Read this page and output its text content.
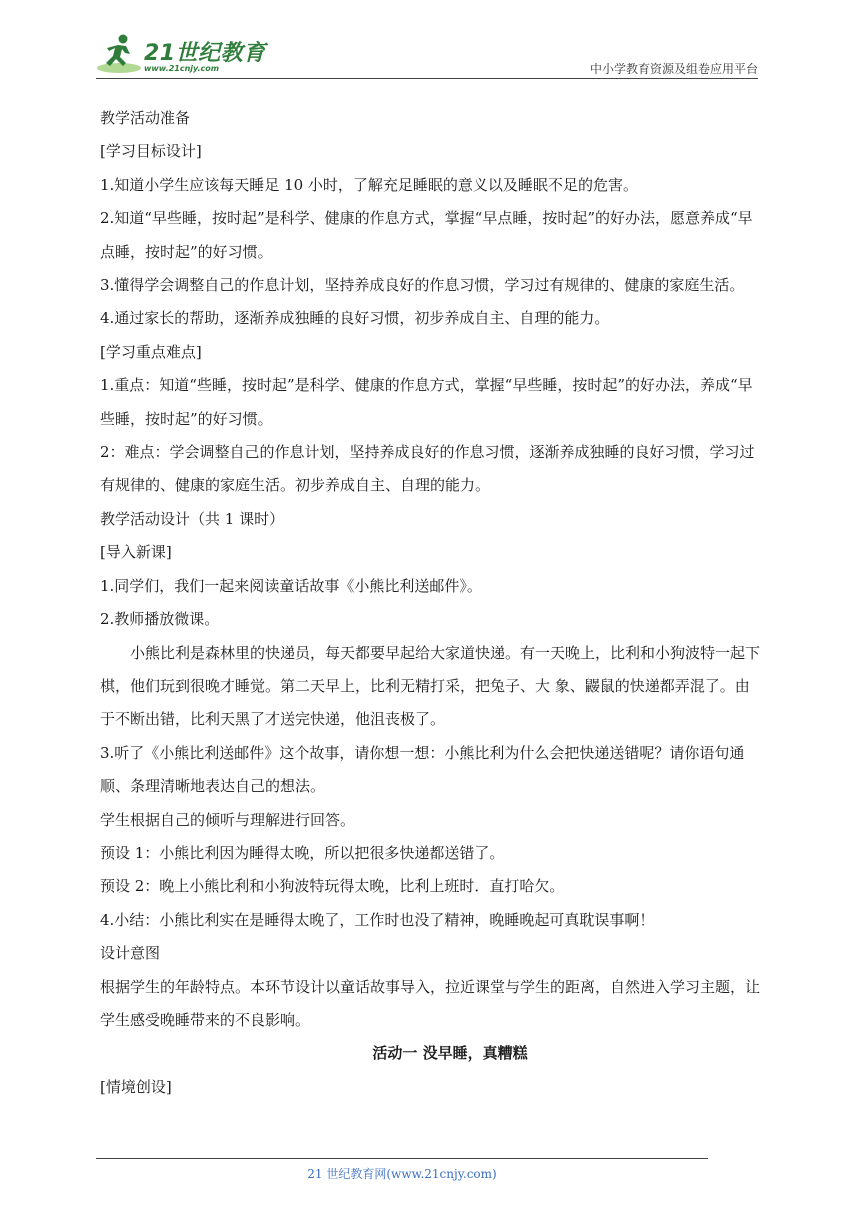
21世纪教育
www.21cnjy.com	中小学教育资源及组卷应用平台

教学活动准备

[学习目标设计]

1.知道小学生应该每天睡足 10 小时，了解充足睡眠的意义以及睡眠不足的危害。

2.知道“早些睡，按时起”是科学、健康的作息方式，掌握“早点睡，按时起”的好办法，愿意养成“早点睡，按时起”的好习惯。

3.懂得学会调整自己的作息计划，坚持养成良好的作息习惯，学习过有规律的、健康的家庭生活。

4.通过家长的帮助，逐渐养成独睡的良好习惯，初步养成自主、自理的能力。

[学习重点难点]

1.重点：知道“些睡，按时起”是科学、健康的作息方式，掌握“早些睡，按时起”的好办法，养成“早些睡，按时起”的好习惯。

2：难点：学会调整自己的作息计划，坚持养成良好的作息习惯，逐渐养成独睡的良好习惯，学习过有规律的、健康的家庭生活。初步养成自主、自理的能力。

教学活动设计（共 1 课时）

[导入新课]

1.同学们，我们一起来阅读童话故事《小熊比利送邮件》。

2.教师播放微课。

小熊比利是森林里的快递员，每天都要早起给大家道快递。有一天晚上，比利和小狗波特一起下棋，他们玩到很晚才睡觉。第二天早上，比利无精打采，把兔子、大 象、鼹鼠的快递都弄混了。由于不断出错，比利天黑了才送完快递，他沮丧极了。

3.听了《小熊比利送邮件》这个故事，请你想一想：小熊比利为什么会把快递送错呢？请你语句通顺、条理清晰地表达自己的想法。

学生根据自己的倾听与理解进行回答。

预设 1：小熊比利因为睡得太晚，所以把很多快递都送错了。

预设 2：晚上小熊比利和小狗波特玩得太晚，比利上班时．直打哈欠。

4.小结：小熊比利实在是睡得太晚了，工作时也没了精神，晚睡晚起可真耽误事啊！

设计意图

根据学生的年龄特点。本环节设计以童话故事导入，拉近课堂与学生的距离，自然进入学习主题，让学生感受晚睡带来的不良影响。

活动一 没早睡，真糟糕

[情境创设]

21 世纪教育网(www.21cnjy.com)
